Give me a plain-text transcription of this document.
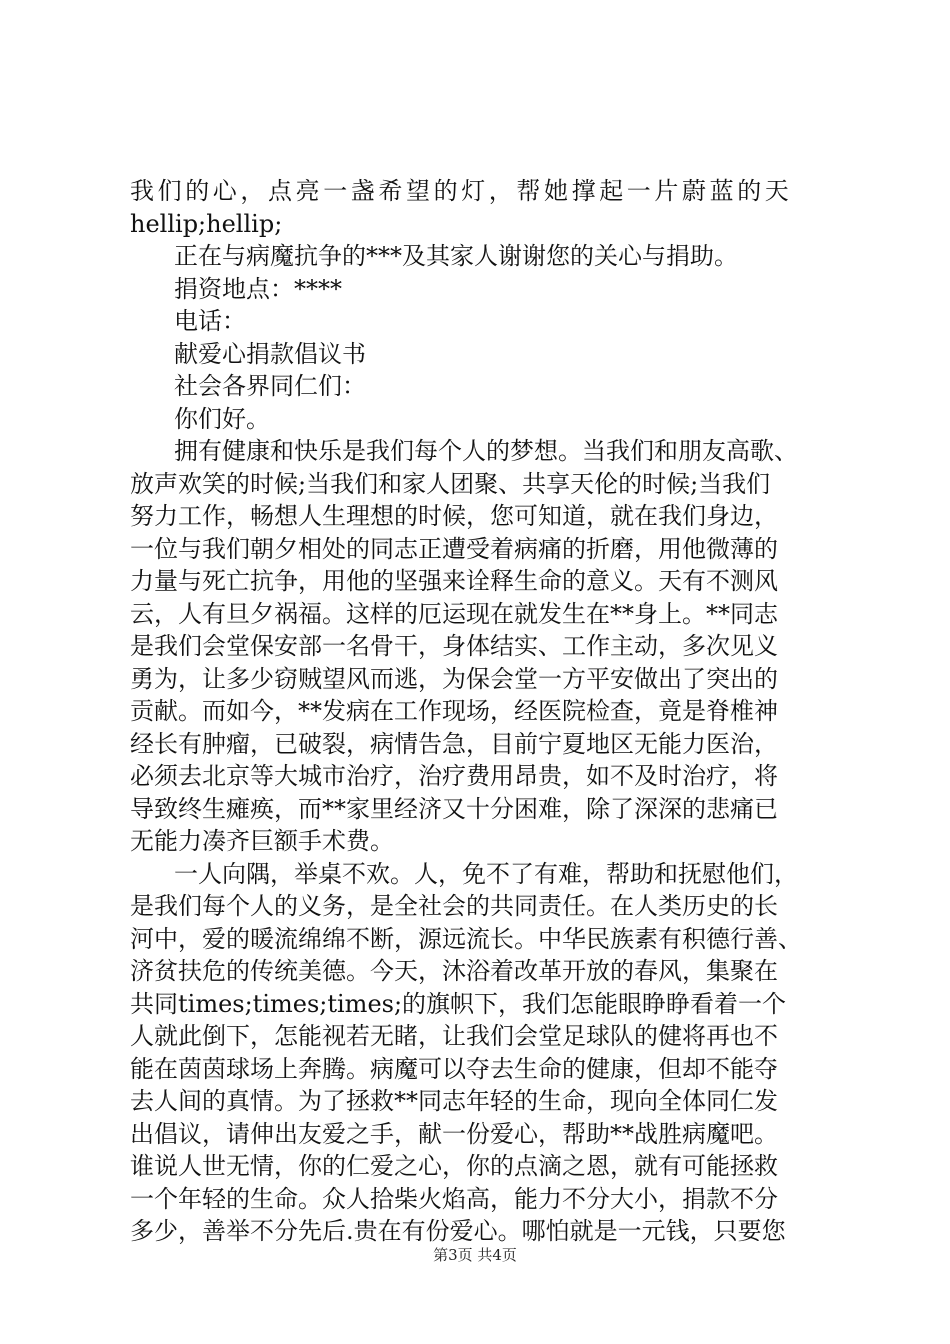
我们的心，点亮一盏希望的灯，帮她撑起一片蔚蓝的天
hellip;hellip;
正在与病魔抗争的***及其家人谢谢您的关心与捐助。
捐资地点：****
电话：
献爱心捐款倡议书
社会各界同仁们：
你们好。
拥有健康和快乐是我们每个人的梦想。当我们和朋友高歌、
放声欢笑的时候;当我们和家人团聚、共享天伦的时候;当我们
努力工作，畅想人生理想的时候，您可知道，就在我们身边，
一位与我们朝夕相处的同志正遭受着病痛的折磨，用他微薄的
力量与死亡抗争，用他的坚强来诠释生命的意义。天有不测风
云，人有旦夕祸福。这样的厄运现在就发生在**身上。**同志
是我们会堂保安部一名骨干，身体结实、工作主动，多次见义
勇为，让多少窃贼望风而逃，为保会堂一方平安做出了突出的
贡献。而如今，**发病在工作现场，经医院检查，竟是脊椎神
经长有肿瘤，已破裂，病情告急，目前宁夏地区无能力医治，
必须去北京等大城市治疗，治疗费用昂贵，如不及时治疗，将
导致终生瘫痪，而**家里经济又十分困难，除了深深的悲痛已
无能力凑齐巨额手术费。
一人向隅，举桌不欢。人，免不了有难，帮助和抚慰他们，
是我们每个人的义务，是全社会的共同责任。在人类历史的长
河中，爱的暖流绵绵不断，源远流长。中华民族素有积德行善、
济贫扶危的传统美德。今天，沐浴着改革开放的春风，集聚在
共同times;times;times;的旗帜下，我们怎能眼睁睁看着一个
人就此倒下，怎能视若无睹，让我们会堂足球队的健将再也不
能在茵茵球场上奔腾。病魔可以夺去生命的健康，但却不能夺
去人间的真情。为了拯救**同志年轻的生命，现向全体同仁发
出倡议，请伸出友爱之手，献一份爱心，帮助**战胜病魔吧。
谁说人世无情，你的仁爱之心，你的点滴之恩，就有可能拯救
一个年轻的生命。众人拾柴火焰高，能力不分大小，捐款不分
多少，善举不分先后.贵在有份爱心。哪怕就是一元钱，只要您
第3页 共4页
